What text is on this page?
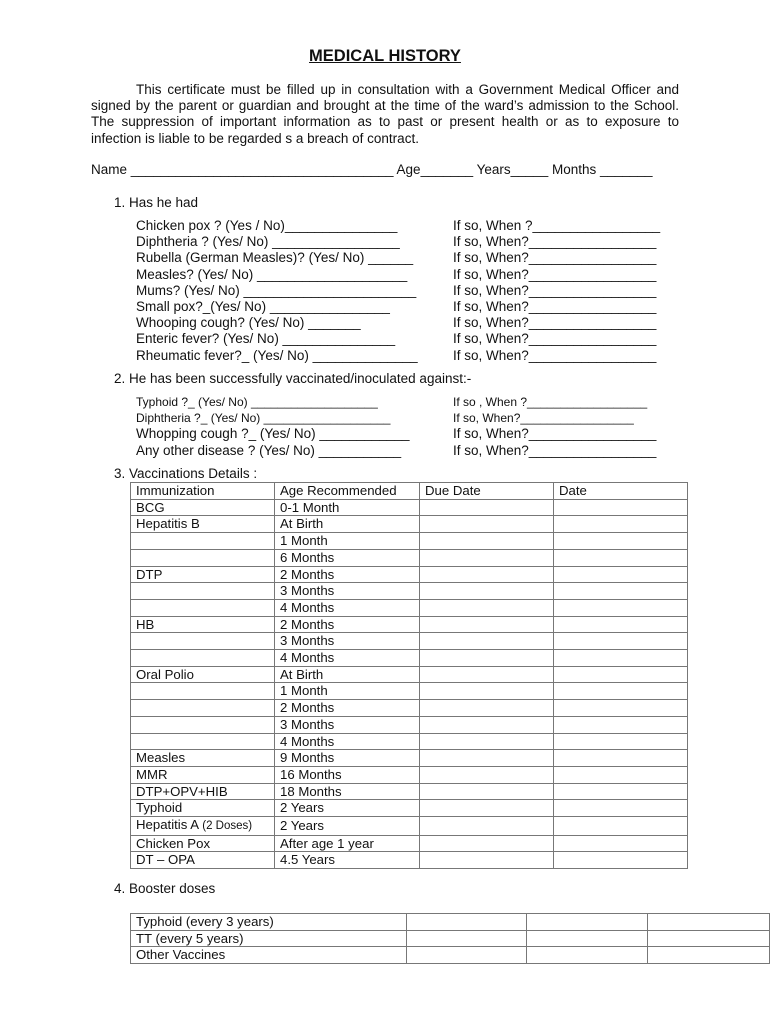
MEDICAL HISTORY
This certificate must be filled up in consultation with a Government Medical Officer and signed by the parent or guardian and brought at the time of the ward’s admission to the School. The suppression of important information as to past or present health or as to exposure to infection is liable to be regarded s a breach of contract.
Name ___________________________________ Age_______ Years_____ Months _______
1. Has he had
Chicken pox ? (Yes / No)_______________	If so, When ?_________________
Diphtheria ? (Yes/ No) _________________	If so, When?_________________
Rubella (German Measles)? (Yes/ No) ______	If so, When?_________________
Measles? (Yes/ No) ____________________	If so, When?_________________
Mums? (Yes/ No) _______________________	If so, When?_________________
Small pox?_(Yes/ No) ________________	If so, When?_________________
Whooping cough? (Yes/ No) _______	If so, When?_________________
Enteric fever? (Yes/ No) _______________	If so, When?_________________
Rheumatic fever?_ (Yes/ No) ______________	If so, When?_________________
2. He has been successfully vaccinated/inoculated against:-
Typhoid ?_ (Yes/ No) ___________________	If so , When ?__________________
Diphtheria ?_ (Yes/ No) ___________________	If so, When?_________________
Whopping cough ?_ (Yes/ No) ____________	If so, When?_________________
Any other disease ? (Yes/ No) ___________	If so, When?_________________
3. Vaccinations Details :
Immunization	Age Recommended	Due Date	Date
BCG	0-1 Month		
Hepatitis B	At Birth		
	1 Month		
	6 Months		
DTP	2 Months		
	3 Months		
	4 Months		
HB	2 Months		
	3 Months		
	4 Months		
Oral Polio	At Birth		
	1 Month		
	2 Months		
	3 Months		
	4 Months		
Measles	9 Months		
MMR	16 Months		
DTP+OPV+HIB	18 Months		
Typhoid	2 Years		
Hepatitis A (2 Doses)	2 Years		
Chicken Pox	After age 1 year		
DT – OPA	4.5 Years		
4. Booster doses
Typhoid (every 3 years)			
TT (every 5 years)			
Other Vaccines			
